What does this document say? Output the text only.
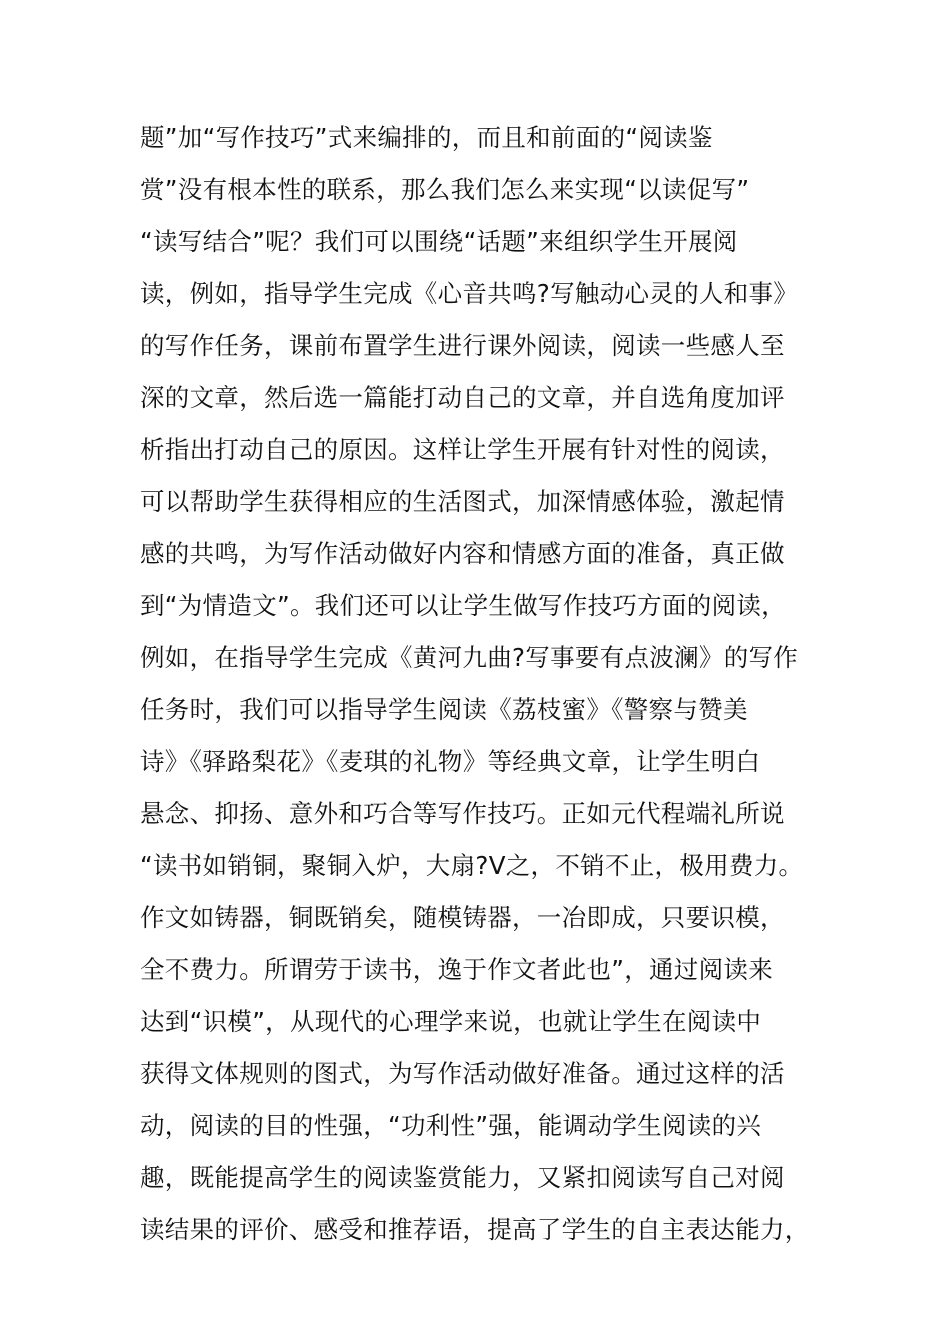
题”加“写作技巧”式来编排的，而且和前面的“阅读鉴
赏”没有根本性的联系，那么我们怎么来实现“以读促写”
“读写结合”呢？我们可以围绕“话题”来组织学生开展阅
读，例如，指导学生完成《心音共鸣?写触动心灵的人和事》
的写作任务，课前布置学生进行课外阅读，阅读一些感人至
深的文章，然后选一篇能打动自己的文章，并自选角度加评
析指出打动自己的原因。这样让学生开展有针对性的阅读，
可以帮助学生获得相应的生活图式，加深情感体验，激起情
感的共鸣，为写作活动做好内容和情感方面的准备，真正做
到“为情造文”。我们还可以让学生做写作技巧方面的阅读，
例如，在指导学生完成《黄河九曲?写事要有点波澜》的写作
任务时，我们可以指导学生阅读《荔枝蜜》《警察与赞美
诗》《驿路梨花》《麦琪的礼物》等经典文章，让学生明白
悬念、抑扬、意外和巧合等写作技巧。正如元代程端礼所说
“读书如销铜，聚铜入炉，大扇?V之，不销不止，极用费力。
作文如铸器，铜既销矣，随模铸器，一冶即成，只要识模，
全不费力。所谓劳于读书，逸于作文者此也”，通过阅读来
达到“识模”，从现代的心理学来说，也就让学生在阅读中
获得文体规则的图式，为写作活动做好准备。通过这样的活
动，阅读的目的性强，“功利性”强，能调动学生阅读的兴
趣，既能提高学生的阅读鉴赏能力，又紧扣阅读写自己对阅
读结果的评价、感受和推荐语，提高了学生的自主表达能力，
